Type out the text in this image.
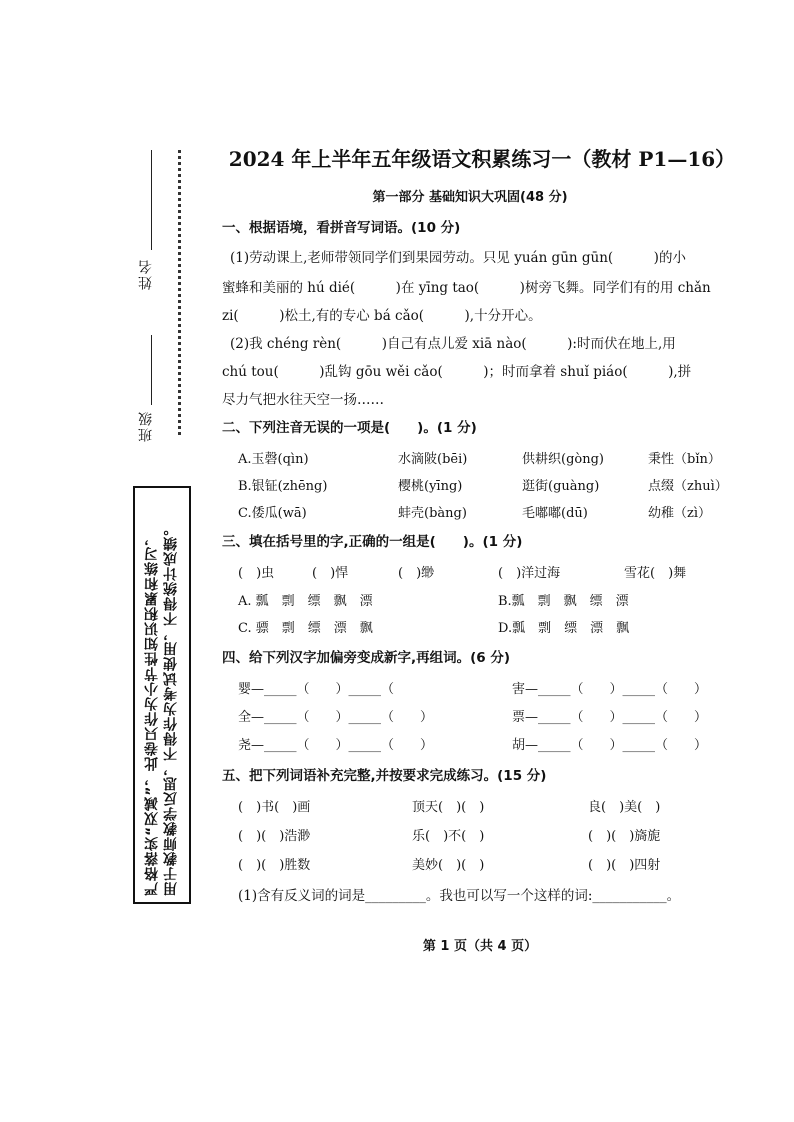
姓名
班级
严格落实“双减”，此卷只作为小节性知识积累和练习， 用于教师教学反思，不得作为考试使用，不得统计成绩。
2024 年上半年五年级语文积累练习一（教材 P1—16）
第一部分 基础知识大巩固(48 分)
一、根据语境，看拼音写词语。(10 分)
(1)劳动课上,老师带领同学们到果园劳动。只见 yuán gūn gūn(　　　)的小
蜜蜂和美丽的 hú dié(　　　)在 yīng tao(　　　)树旁飞舞。同学们有的用 chǎn
zi(　　　)松土,有的专心 bá cǎo(　　　),十分开心。
(2)我 chéng rèn(　　　)自己有点儿爱 xiā nào(　　　):时而伏在地上,用
chú tou(　　　)乱钩 gōu wěi cǎo(　　　)；时而拿着 shuǐ piáo(　　　),拼
尽力气把水往天空一扬……
二、下列注音无误的一项是(　　)。(1 分)
A.玉磬(qìn)	水滴陂(bēi)	供耕织(gòng)	秉性（bǐn）
B.银钲(zhēng)	樱桃(yīng)	逛街(guàng)	点缀（zhuì）
C.倭瓜(wā)	蚌壳(bàng)	毛嘟嘟(dū)	幼稚（zì）
三、填在括号里的字,正确的一组是(　　)。(1 分)
(　)虫	(　)悍	(　)缈	(　)洋过海	雪花(　)舞
A. 瓢　剽　缥　飘　漂	B.瓢　剽　飘　缥　漂
C. 骠　剽　缥　漂　飘	D.瓢　剽　缥　漂　飘
四、给下列汉字加偏旁变成新字,再组词。(6 分)
婴—_____（　　）_____（	害—_____（　　）_____（　　）
全—_____（　　）_____（　　）	票—_____（　　）_____（　　）
尧—_____（　　）_____（　　）	胡—_____（　　）_____（　　）
五、把下列词语补充完整,并按要求完成练习。(15 分)
(　)书(　)画	顶天(　)(　)	良(　)美(　)
(　)(　)浩渺	乐(　)不(　)	(　)(　)旖旎
(　)(　)胜数	美妙(　)(　)	(　)(　)四射
(1)含有反义词的词是_________。我也可以写一个这样的词:___________。
第 1 页（共 4 页）
